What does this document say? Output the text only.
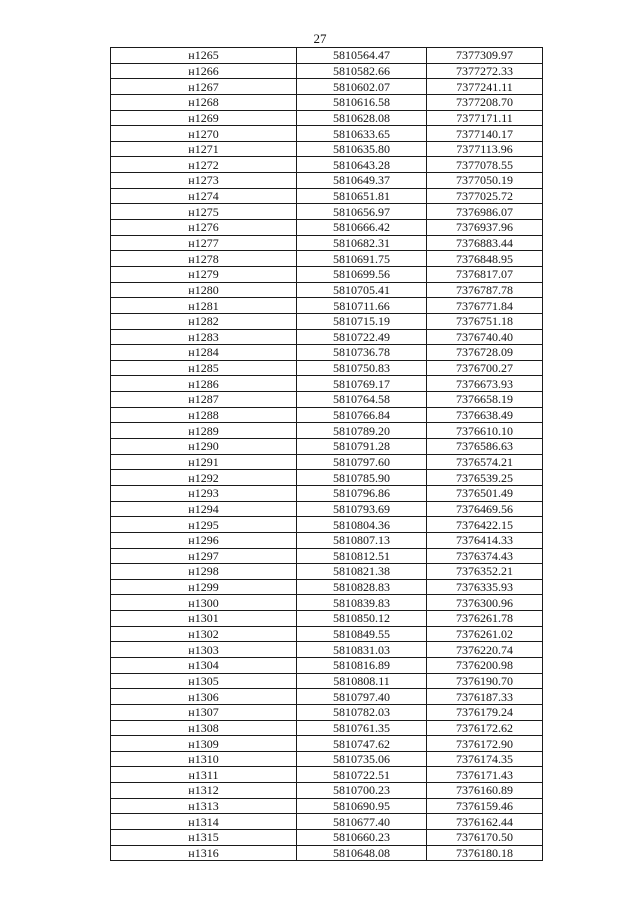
27
н1265	5810564.47	7377309.97
н1266	5810582.66	7377272.33
н1267	5810602.07	7377241.11
н1268	5810616.58	7377208.70
н1269	5810628.08	7377171.11
н1270	5810633.65	7377140.17
н1271	5810635.80	7377113.96
н1272	5810643.28	7377078.55
н1273	5810649.37	7377050.19
н1274	5810651.81	7377025.72
н1275	5810656.97	7376986.07
н1276	5810666.42	7376937.96
н1277	5810682.31	7376883.44
н1278	5810691.75	7376848.95
н1279	5810699.56	7376817.07
н1280	5810705.41	7376787.78
н1281	5810711.66	7376771.84
н1282	5810715.19	7376751.18
н1283	5810722.49	7376740.40
н1284	5810736.78	7376728.09
н1285	5810750.83	7376700.27
н1286	5810769.17	7376673.93
н1287	5810764.58	7376658.19
н1288	5810766.84	7376638.49
н1289	5810789.20	7376610.10
н1290	5810791.28	7376586.63
н1291	5810797.60	7376574.21
н1292	5810785.90	7376539.25
н1293	5810796.86	7376501.49
н1294	5810793.69	7376469.56
н1295	5810804.36	7376422.15
н1296	5810807.13	7376414.33
н1297	5810812.51	7376374.43
н1298	5810821.38	7376352.21
н1299	5810828.83	7376335.93
н1300	5810839.83	7376300.96
н1301	5810850.12	7376261.78
н1302	5810849.55	7376261.02
н1303	5810831.03	7376220.74
н1304	5810816.89	7376200.98
н1305	5810808.11	7376190.70
н1306	5810797.40	7376187.33
н1307	5810782.03	7376179.24
н1308	5810761.35	7376172.62
н1309	5810747.62	7376172.90
н1310	5810735.06	7376174.35
н1311	5810722.51	7376171.43
н1312	5810700.23	7376160.89
н1313	5810690.95	7376159.46
н1314	5810677.40	7376162.44
н1315	5810660.23	7376170.50
н1316	5810648.08	7376180.18
